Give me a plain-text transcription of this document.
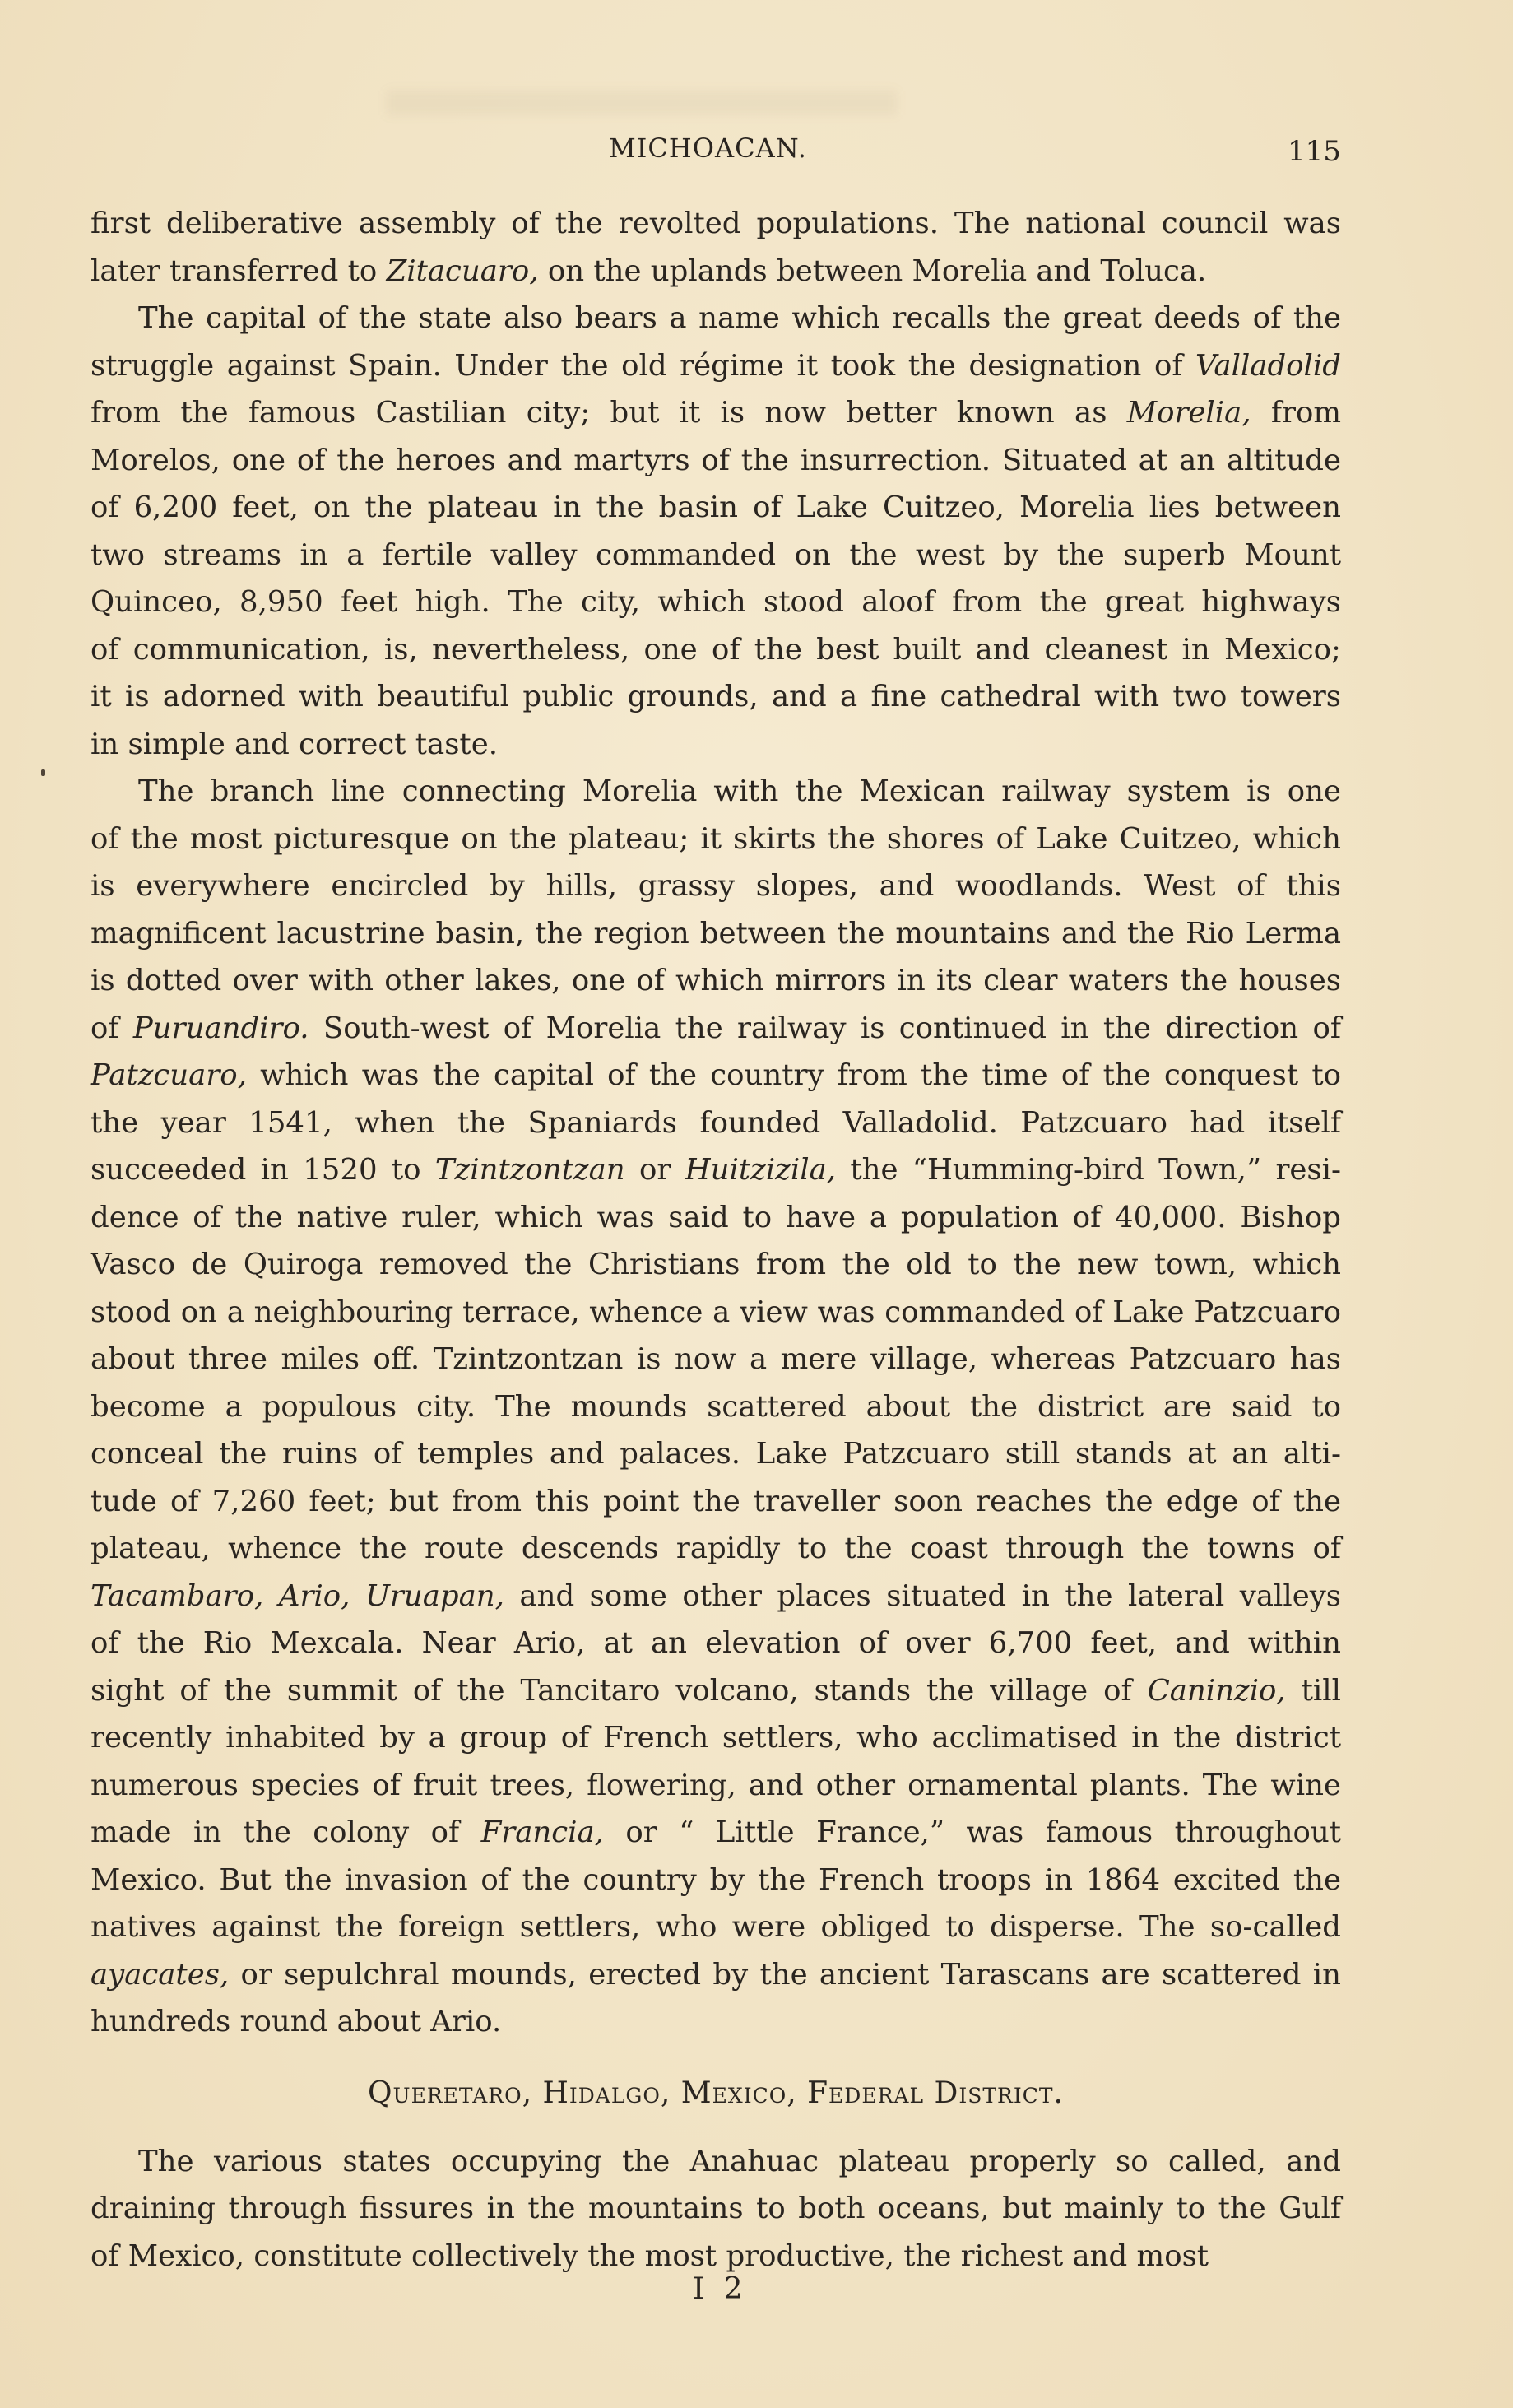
MICHOACAN.	115
first deliberative assembly of the revolted populations. The national council was
later transferred to Zitacuaro, on the uplands between Morelia and Toluca.
The capital of the state also bears a name which recalls the great deeds of the
struggle against Spain. Under the old régime it took the designation of Valladolid
from the famous Castilian city; but it is now better known as Morelia, from
Morelos, one of the heroes and martyrs of the insurrection. Situated at an altitude
of 6,200 feet, on the plateau in the basin of Lake Cuitzeo, Morelia lies between
two streams in a fertile valley commanded on the west by the superb Mount
Quinceo, 8,950 feet high. The city, which stood aloof from the great highways
of communication, is, nevertheless, one of the best built and cleanest in Mexico;
it is adorned with beautiful public grounds, and a fine cathedral with two towers
in simple and correct taste.
The branch line connecting Morelia with the Mexican railway system is one
of the most picturesque on the plateau; it skirts the shores of Lake Cuitzeo, which
is everywhere encircled by hills, grassy slopes, and woodlands. West of this
magnificent lacustrine basin, the region between the mountains and the Rio Lerma
is dotted over with other lakes, one of which mirrors in its clear waters the houses
of Puruandiro. South-west of Morelia the railway is continued in the direction of
Patzcuaro, which was the capital of the country from the time of the conquest to
the year 1541, when the Spaniards founded Valladolid. Patzcuaro had itself
succeeded in 1520 to Tzintzontzan or Huitzizila, the “Humming-bird Town,” resi-
dence of the native ruler, which was said to have a population of 40,000. Bishop
Vasco de Quiroga removed the Christians from the old to the new town, which
stood on a neighbouring terrace, whence a view was commanded of Lake Patzcuaro
about three miles off. Tzintzontzan is now a mere village, whereas Patzcuaro has
become a populous city. The mounds scattered about the district are said to
conceal the ruins of temples and palaces. Lake Patzcuaro still stands at an alti-
tude of 7,260 feet; but from this point the traveller soon reaches the edge of the
plateau, whence the route descends rapidly to the coast through the towns of
Tacambaro, Ario, Uruapan, and some other places situated in the lateral valleys
of the Rio Mexcala. Near Ario, at an elevation of over 6,700 feet, and within
sight of the summit of the Tancitaro volcano, stands the village of Caninzio, till
recently inhabited by a group of French settlers, who acclimatised in the district
numerous species of fruit trees, flowering, and other ornamental plants. The wine
made in the colony of Francia, or “ Little France,” was famous throughout
Mexico. But the invasion of the country by the French troops in 1864 excited the
natives against the foreign settlers, who were obliged to disperse. The so-called
ayacates, or sepulchral mounds, erected by the ancient Tarascans are scattered in
hundreds round about Ario.
Queretaro, Hidalgo, Mexico, Federal District.
The various states occupying the Anahuac plateau properly so called, and
draining through fissures in the mountains to both oceans, but mainly to the Gulf
of Mexico, constitute collectively the most productive, the richest and most
I 2
